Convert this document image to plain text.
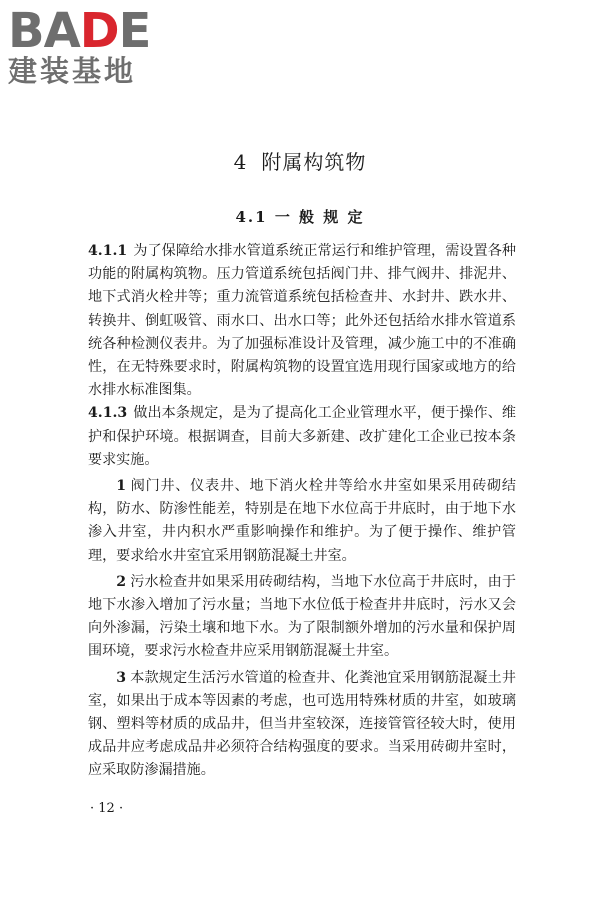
BADE
建装基地
4 附属构筑物
4.1 一 般 规 定

4.1.1 为了保障给水排水管道系统正常运行和维护管理，需设置各种功能的附属构筑物。压力管道系统包括阀门井、排气阀井、排泥井、地下式消火栓井等；重力流管道系统包括检查井、水封井、跌水井、转换井、倒虹吸管、雨水口、出水口等；此外还包括给水排水管道系统各种检测仪表井。为了加强标准设计及管理，减少施工中的不准确性，在无特殊要求时，附属构筑物的设置宜选用现行国家或地方的给水排水标准图集。

4.1.3 做出本条规定，是为了提高化工企业管理水平，便于操作、维护和保护环境。根据调查，目前大多新建、改扩建化工企业已按本条要求实施。

1 阀门井、仪表井、地下消火栓井等给水井室如果采用砖砌结构，防水、防渗性能差，特别是在地下水位高于井底时，由于地下水渗入井室，井内积水严重影响操作和维护。为了便于操作、维护管理，要求给水井室宜采用钢筋混凝土井室。

2 污水检查井如果采用砖砌结构，当地下水位高于井底时，由于地下水渗入增加了污水量；当地下水位低于检查井井底时，污水又会向外渗漏，污染土壤和地下水。为了限制额外增加的污水量和保护周围环境，要求污水检查井应采用钢筋混凝土井室。

3 本款规定生活污水管道的检查井、化粪池宜采用钢筋混凝土井室，如果出于成本等因素的考虑，也可选用特殊材质的井室，如玻璃钢、塑料等材质的成品井，但当井室较深，连接管管径较大时，使用成品井应考虑成品井必须符合结构强度的要求。当采用砖砌井室时，应采取防渗漏措施。

· 12 ·
